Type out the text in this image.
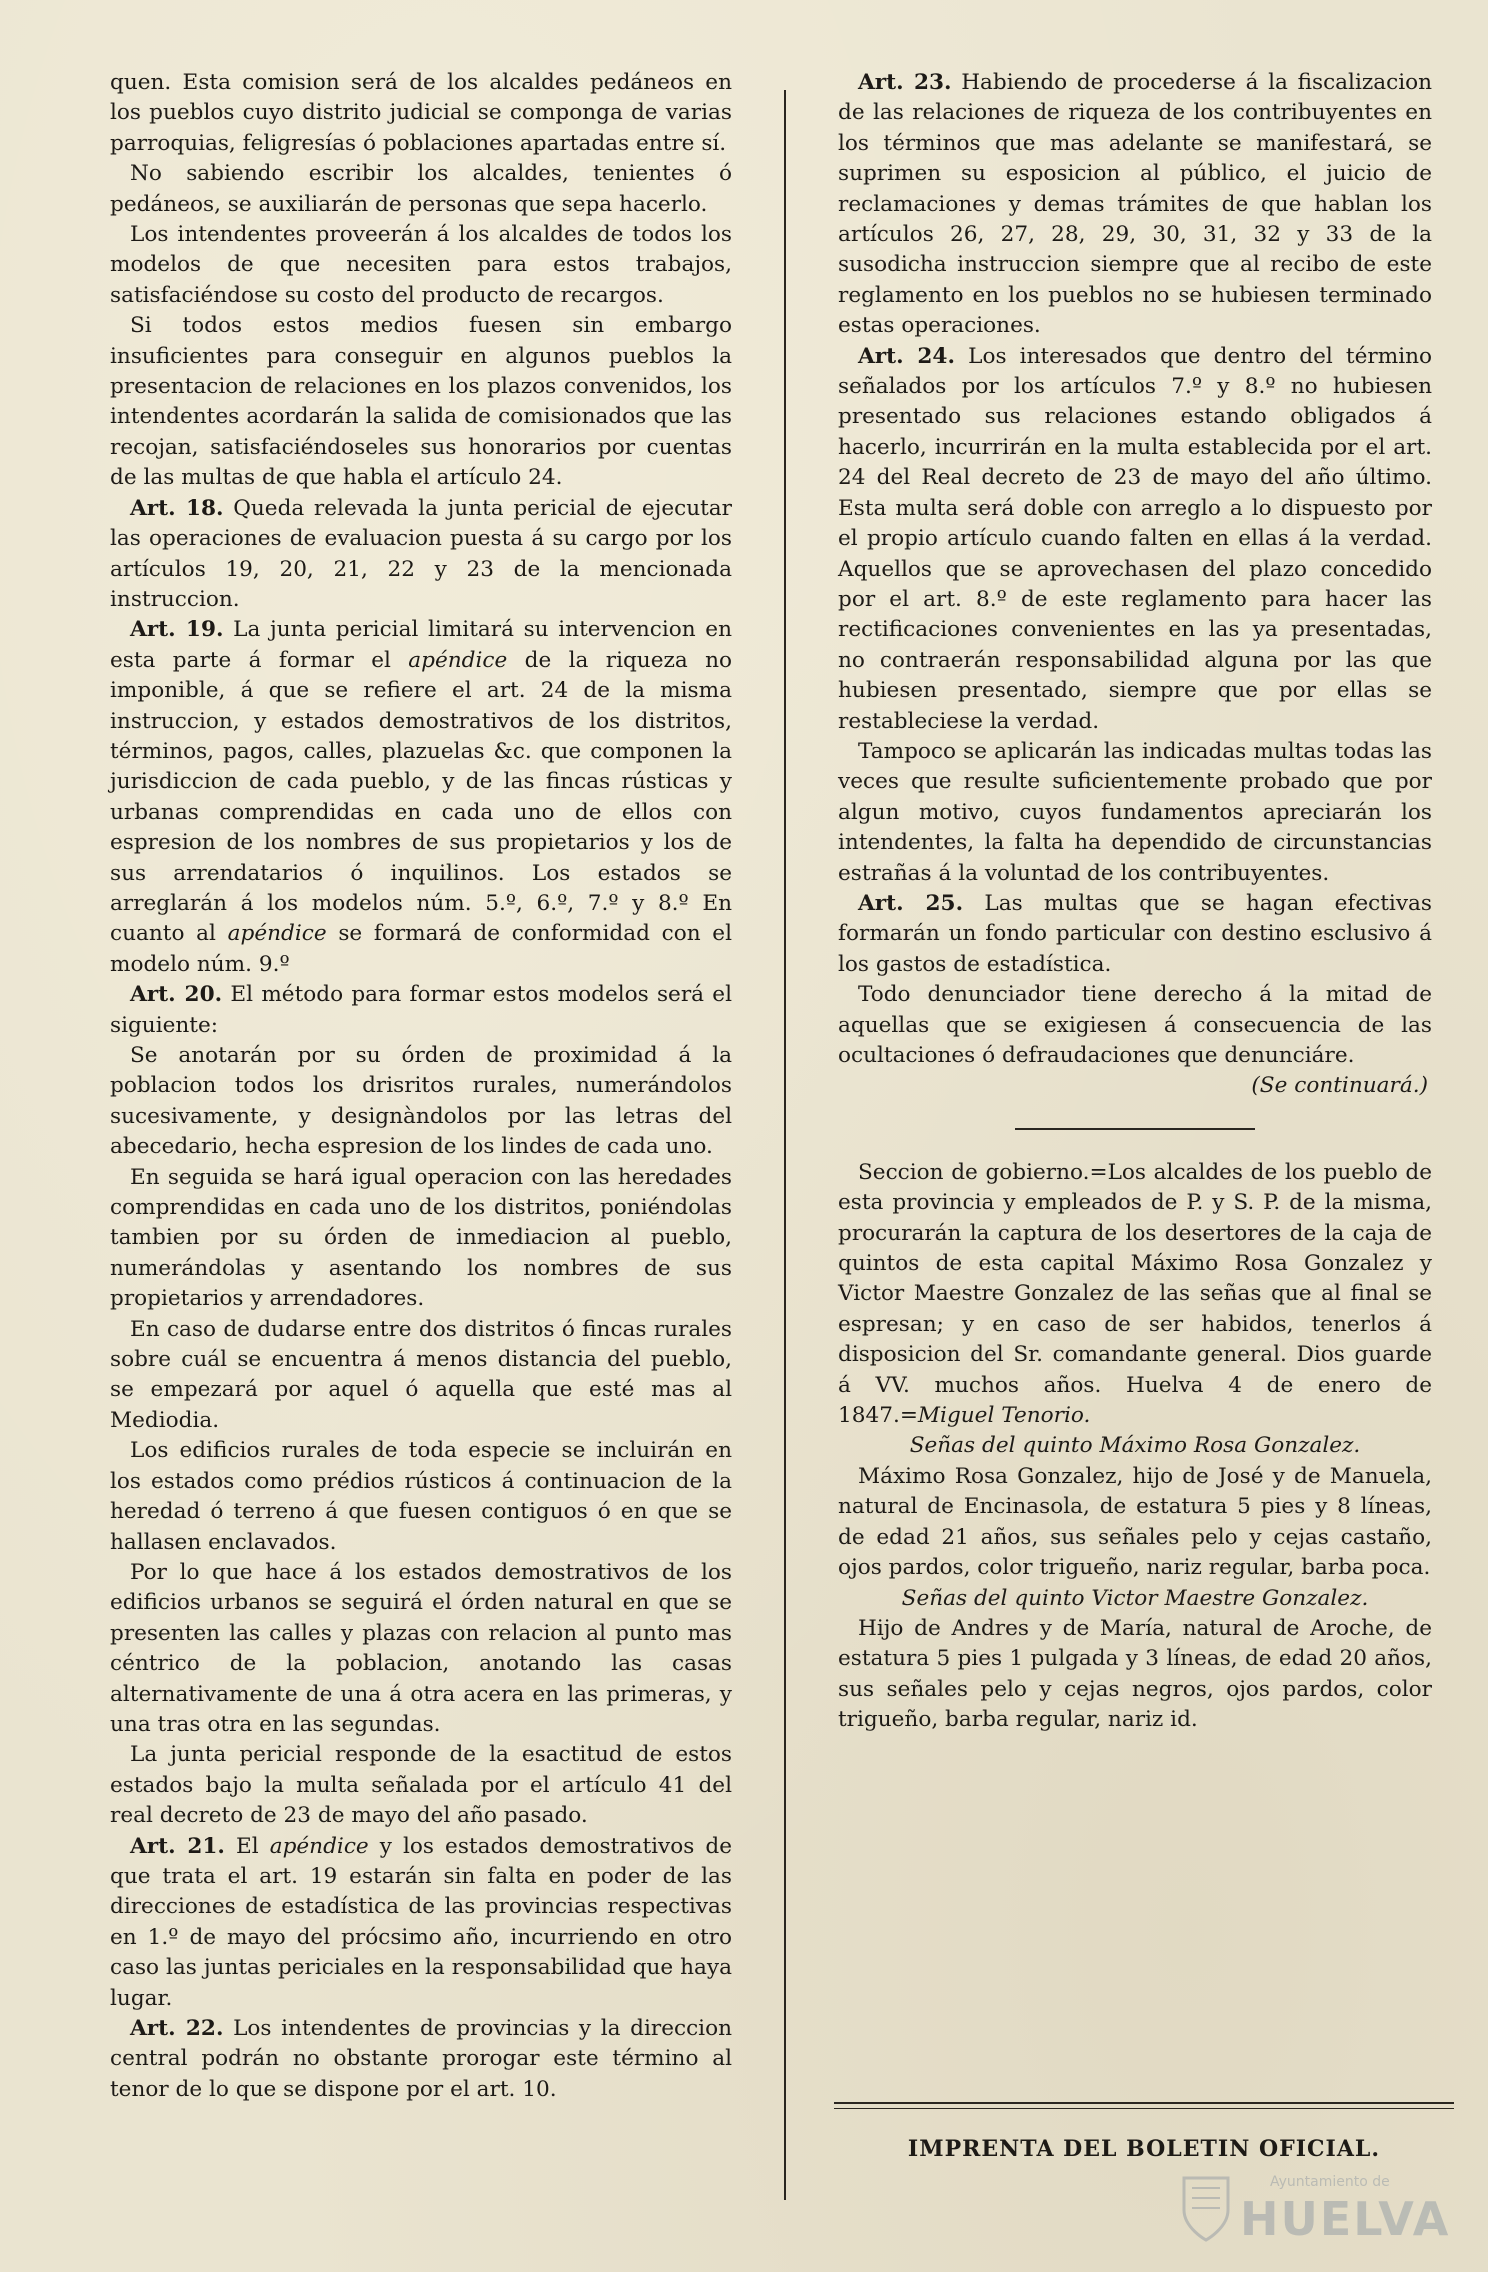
quen. Esta comision será de los alcaldes pedáneos en los pueblos cuyo distrito judicial se componga de varias parroquias, feligresías ó poblaciones apartadas entre sí.

No sabiendo escribir los alcaldes, tenientes ó pedáneos, se auxiliarán de personas que sepa hacerlo.

Los intendentes proveerán á los alcaldes de todos los modelos de que necesiten para estos trabajos, satisfaciéndose su costo del producto de recargos.

Si todos estos medios fuesen sin embargo insuficientes para conseguir en algunos pueblos la presentacion de relaciones en los plazos convenidos, los intendentes acordarán la salida de comisionados que las recojan, satisfaciéndoseles sus honorarios por cuentas de las multas de que habla el artículo 24.

Art. 18. Queda relevada la junta pericial de ejecutar las operaciones de evaluacion puesta á su cargo por los artículos 19, 20, 21, 22 y 23 de la mencionada instruccion.

Art. 19. La junta pericial limitará su intervencion en esta parte á formar el apéndice de la riqueza no imponible, á que se refiere el art. 24 de la misma instruccion, y estados demostrativos de los distritos, términos, pagos, calles, plazuelas &c. que componen la jurisdiccion de cada pueblo, y de las fincas rústicas y urbanas comprendidas en cada uno de ellos con espresion de los nombres de sus propietarios y los de sus arrendatarios ó inquilinos. Los estados se arreglarán á los modelos núm. 5.º, 6.º, 7.º y 8.º En cuanto al apéndice se formará de conformidad con el modelo núm. 9.º

Art. 20. El método para formar estos modelos será el siguiente:

Se anotarán por su órden de proximidad á la poblacion todos los drisritos rurales, numerándolos sucesivamente, y designàndolos por las letras del abecedario, hecha espresion de los lindes de cada uno.

En seguida se hará igual operacion con las heredades comprendidas en cada uno de los distritos, poniéndolas tambien por su órden de inmediacion al pueblo, numerándolas y asentando los nombres de sus propietarios y arrendadores.

En caso de dudarse entre dos distritos ó fincas rurales sobre cuál se encuentra á menos distancia del pueblo, se empezará por aquel ó aquella que esté mas al Mediodia.

Los edificios rurales de toda especie se incluirán en los estados como prédios rústicos á continuacion de la heredad ó terreno á que fuesen contiguos ó en que se hallasen enclavados.

Por lo que hace á los estados demostrativos de los edificios urbanos se seguirá el órden natural en que se presenten las calles y plazas con relacion al punto mas céntrico de la poblacion, anotando las casas alternativamente de una á otra acera en las primeras, y una tras otra en las segundas.

La junta pericial responde de la esactitud de estos estados bajo la multa señalada por el artículo 41 del real decreto de 23 de mayo del año pasado.

Art. 21. El apéndice y los estados demostrativos de que trata el art. 19 estarán sin falta en poder de las direcciones de estadística de las provincias respectivas en 1.º de mayo del prócsimo año, incurriendo en otro caso las juntas periciales en la responsabilidad que haya lugar.

Art. 22. Los intendentes de provincias y la direccion central podrán no obstante prorogar este término al tenor de lo que se dispone por el art. 10.

Art. 23. Habiendo de procederse á la fiscalizacion de las relaciones de riqueza de los contribuyentes en los términos que mas adelante se manifestará, se suprimen su esposicion al público, el juicio de reclamaciones y demas trámites de que hablan los artículos 26, 27, 28, 29, 30, 31, 32 y 33 de la susodicha instruccion siempre que al recibo de este reglamento en los pueblos no se hubiesen terminado estas operaciones.

Art. 24. Los interesados que dentro del término señalados por los artículos 7.º y 8.º no hubiesen presentado sus relaciones estando obligados á hacerlo, incurrirán en la multa establecida por el art. 24 del Real decreto de 23 de mayo del año último. Esta multa será doble con arreglo a lo dispuesto por el propio artículo cuando falten en ellas á la verdad. Aquellos que se aprovechasen del plazo concedido por el art. 8.º de este reglamento para hacer las rectificaciones convenientes en las ya presentadas, no contraerán responsabilidad alguna por las que hubiesen presentado, siempre que por ellas se restableciese la verdad.

Tampoco se aplicarán las indicadas multas todas las veces que resulte suficientemente probado que por algun motivo, cuyos fundamentos apreciarán los intendentes, la falta ha dependido de circunstancias estrañas á la voluntad de los contribuyentes.

Art. 25. Las multas que se hagan efectivas formarán un fondo particular con destino esclusivo á los gastos de estadística.

Todo denunciador tiene derecho á la mitad de aquellas que se exigiesen á consecuencia de las ocultaciones ó defraudaciones que denunciáre.

(Se continuará.)

Seccion de gobierno.=Los alcaldes de los pueblo de esta provincia y empleados de P. y S. P. de la misma, procurarán la captura de los desertores de la caja de quintos de esta capital Máximo Rosa Gonzalez y Victor Maestre Gonzalez de las señas que al final se espresan; y en caso de ser habidos, tenerlos á disposicion del Sr. comandante general. Dios guarde á VV. muchos años. Huelva 4 de enero de 1847.=Miguel Tenorio.

Señas del quinto Máximo Rosa Gonzalez.

Máximo Rosa Gonzalez, hijo de José y de Manuela, natural de Encinasola, de estatura 5 pies y 8 líneas, de edad 21 años, sus señales pelo y cejas castaño, ojos pardos, color trigueño, nariz regular, barba poca.

Señas del quinto Victor Maestre Gonzalez.

Hijo de Andres y de María, natural de Aroche, de estatura 5 pies 1 pulgada y 3 líneas, de edad 20 años, sus señales pelo y cejas negros, ojos pardos, color trigueño, barba regular, nariz id.

IMPRENTA DEL BOLETIN OFICIAL.
Ayuntamiento de
HUELVA
